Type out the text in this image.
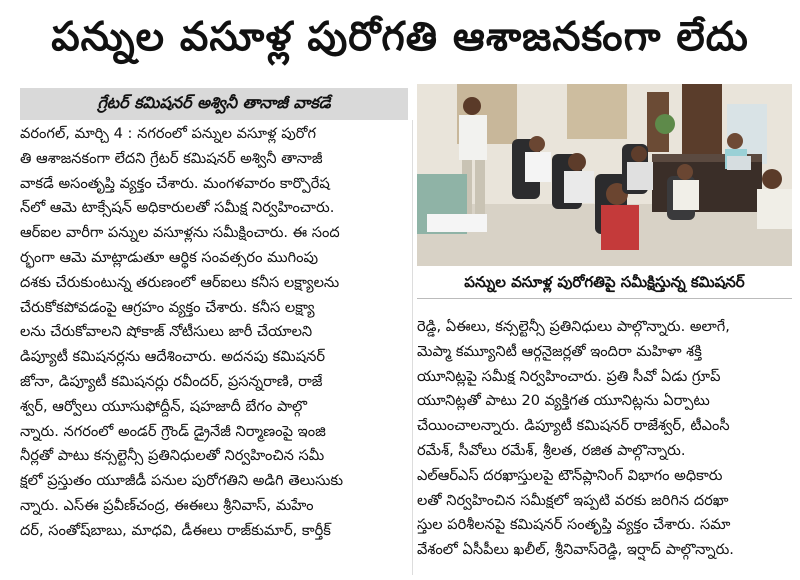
పన్నుల వసూళ్ల పురోగతి ఆశాజనకంగా లేదు
గ్రేటర్ కమిషనర్ అశ్వినీ తానాజీ వాకడే
వరంగల్, మార్చి 4 : నగరంలో పన్నుల వసూళ్ల పురోగ
తి ఆశాజనకంగా లేదని గ్రేటర్ కమిషనర్ అశ్వినీ తానాజీ
వాకడే అసంతృప్తి వ్యక్తం చేశారు. మంగళవారం కార్పొరేష
న్‌లో ఆమె టాక్సేషన్ అధికారులతో సమీక్ష నిర్వహించారు.
ఆర్ఐల వారీగా పన్నుల వసూళ్లను సమీక్షించారు. ఈ సంద
ర్భంగా ఆమె మాట్లాడుతూ ఆర్థిక సంవత్సరం ముగింపు
దశకు చేరుకుంటున్న తరుణంలో ఆర్ఐలు కనీస లక్ష్యాలను
చేరుకోకపోవడంపై ఆగ్రహం వ్యక్తం చేశారు. కనీస లక్ష్యా
లను చేరుకోవాలని షోకాజ్ నోటీసులు జారీ చేయాలని
డిప్యూటీ కమిషనర్లను ఆదేశించారు. అదనపు కమిషనర్
జోనా, డిప్యూటీ కమిషనర్లు రవీందర్, ప్రసన్నరాణి, రాజే
శ్వర్, ఆర్వోలు యూసుఫోద్దీన్, షహజాదీ బేగం పాల్గొ
న్నారు. నగరంలో అండర్ గ్రౌండ్ డ్రైనేజీ నిర్మాణంపై ఇంజి
నీర్లతో పాటు కన్సల్టెన్సీ ప్రతినిధులతో నిర్వహించిన సమీ
క్షలో ప్రస్తుతం యూజీడీ పనుల పురోగతిని అడిగి తెలుసుకు
న్నారు. ఎస్ఈ ప్రవీణ్‌చంద్ర, ఈఈలు శ్రీనివాస్, మహేం
దర్, సంతోష్‌బాబు, మాధవి, డీఈలు రాజ్‌కుమార్, కార్తీక్
పన్నుల వసూళ్ల పురోగతిపై సమీక్షిస్తున్న కమిషనర్
రెడ్డి, ఏఈలు, కన్సల్టెన్సీ ప్రతినిధులు పాల్గొన్నారు. అలాగే,
మెప్మా కమ్యూనిటీ ఆర్గనైజర్లతో ఇందిరా మహిళా శక్తి
యూనిట్లపై సమీక్ష నిర్వహించారు. ప్రతి సీవో ఏడు గ్రూప్
యూనిట్లతో పాటు 20 వ్యక్తిగత యూనిట్లను ఏర్పాటు
చేయించాలన్నారు. డిప్యూటీ కమిషనర్ రాజేశ్వర్, టీఎంసీ
రమేశ్, సీవోలు రమేశ్, శ్రీలత, రజిత పాల్గొన్నారు.
ఎల్ఆర్ఎస్ దరఖాస్తులపై టౌన్‌ప్లానింగ్ విభాగం అధికారు
లతో నిర్వహించిన సమీక్షలో ఇప్పటి వరకు జరిగిన దరఖా
స్తుల పరిశీలనపై కమిషనర్ సంతృప్తి వ్యక్తం చేశారు. సమా
వేశంలో ఏసీపీలు ఖలీల్, శ్రీనివాస్‌రెడ్డి, ఇర్షాద్ పాల్గొన్నారు.
